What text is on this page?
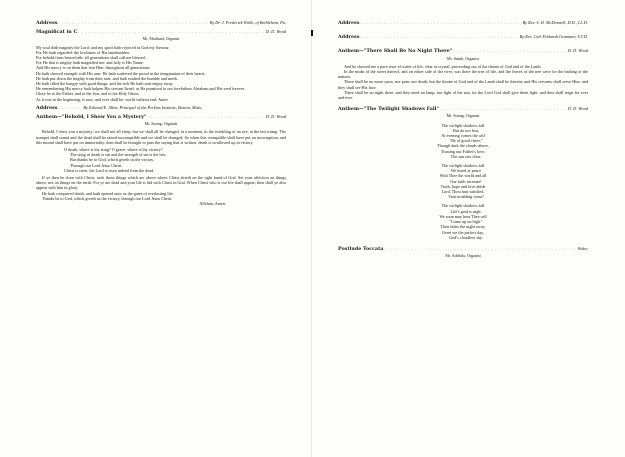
Address . . .	By Dr. J. Frederick Wolle, of Bethlehem, Pa.
Magnificat in C . . .	D. D. Wood
Mr. Maitland, Organist

My soul doth magnify the Lord: and my spirit hath rejoiced in God my Saviour.

For He hath regarded: the lowliness of His handmaiden.

For behold from henceforth: all generations shall call me blessed.

For He that is mighty hath magnified me: and holy is His Name.

And His mercy is on them that fear Him: throughout all generations.

He hath showed strength with His arm: He hath scattered the proud in the imagination of their hearts.

He hath put down the mighty from their seat: and hath exalted the humble and meek.

He hath filled the hungry with good things: and the rich He hath sent empty away.

He remembering His mercy hath holpen His servant Israel: as He promised to our forefathers Abraham and His seed forever.

Glory be to the Father, and to the Son, and to the Holy Ghost;

As it was in the beginning, is now, and ever shall be: world without end. Amen.

Address . . .	By Edward E. Allen, Principal of the Perkins Institute, Boston, Mass.
Anthem—"Behold, I Show You a Mystery" . . .	D. D. Wood
Mr. Strang, Organist

Behold, I shew you a mystery; we shall not all sleep, but we shall all be changed, in a moment, in the twinkling of an eye, at the last trump: The trumpet shall sound and the dead shall be raised incorruptible and we shall be changed. So when this corruptible shall have put on incorruption, and this mortal shall have put on immortality, then shall be brought to pass the saying that is written, death is swallowed up in victory.

O death, where is thy sting? O grave, where is thy victory?
The sting of death is sin and the strength of sin is the law.
But thanks be to God, which giveth us the victory,
Through our Lord Jesus Christ.
Christ is risen, the Lord is risen indeed from the dead.

If ye then be risen with Christ, seek those things which are above where Christ sitteth on the right hand of God. Set your affection on things above, not on things on the earth. For ye are dead and your life is hid with Christ in God. When Christ who is our life shall appear, then shall ye also appear with him in glory.

He hath conquered death, and hath opened unto us the gates of everlasting life.

Thanks be to God, which giveth us the victory, through our Lord Jesus Christ.

Alleluia, Amen.
Address . . .	By Rev. S. D. McDonnell, D.D., LL.D.
Address . . .	By Rev. Carl Eckhardt Grammer, S.T.D.
Anthem—"There Shall Be No Night There" . . .	D. D. Wood
Mr. Smith, Organist

And he showed me a pure river of water of life, clear as crystal, proceeding out of the throne of God and of the Lamb.

In the midst of the street thereof, and on either side of the river, was there the tree of life, and the leaves of the tree were for the healing of the nations.

There shall be no more curse, nor pain, nor death; but the throne of God and of the Lamb shall be therein; and His servants shall serve Him: and they shall see His face.

There shall be no night there; and they need no lamp, nor light of the sun, for the Lord God shall give them light: and they shall reign for ever and ever.

Anthem—"The Twilight Shadows Fall" . . .	D. D. Wood
Mr. Strang, Organist
The twilight shadows fall
But do not fear,
At evening comes the call
"Be of good cheer,"
Though dark the clouds above,
Trusting our Father's love,
The sun sets clear.
The twilight shadows fall
We kneel at peace
With Thee the world and all
Our faith increase!
Truth, hope and love abide
Lord, Thou hast satisfied.
Vain troubling cease!
The twilight shadows fall
Life's goal is nigh;
We soon may hear Thee call
"Come up on high."
Then fades the night away,
Greet we the perfect day,
God's cloudless sky.
Postlude Toccata . . .	Widor
Mr. Addicks, Organist
